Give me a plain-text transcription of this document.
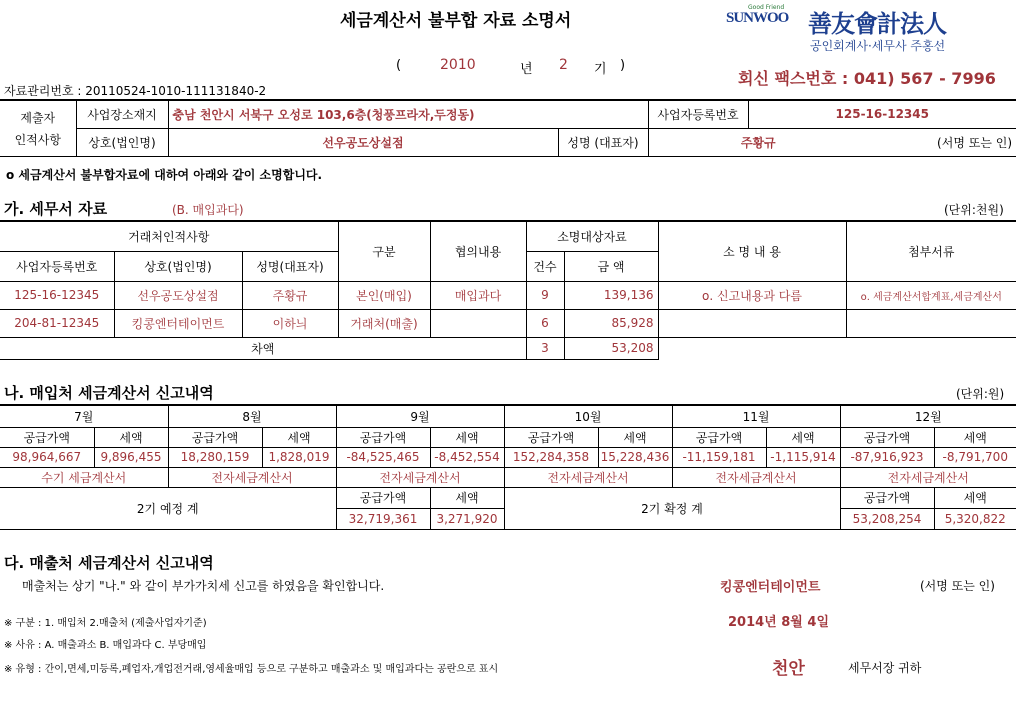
세금계산서 불부합 자료 소명서
Good Friend
SUNWOO 善友會計法人
공인회계사·세무사 주홍선
(	2010	년 2 기 )
회신 팩스번호 : 041) 567 - 7996
자료관리번호 : 20110524-1010-111131840-2
제출자
인적사항	사업장소재지	충남 천안시 서북구 오성로 103,6층(청풍프라자,두정동)		사업자등록번호	125-16-12345	
	상호(법인명)	선우공도상설점	성명 (대표자)	주황규		(서명 또는 인)
ο 세금계산서 불부합자료에 대하여 아래와 같이 소명합니다.
가. 세무서 자료	(B. 매입과다)	(단위:천원)
거래처인적사항			구분	협의내용	소명대상자료		소 명 내 용	첨부서류
사업자등록번호	상호(법인명)	성명(대표자)			건수	금 액		
125-16-12345	선우공도상설점	주황규	본인(매입)	매입과다	9	139,136	ο. 신고내용과 다름	ο. 세금계산서합계표,세금계산서
204-81-12345	킹콩엔터테이먼트	이하늬	거래처(매출)		6	85,928		
차액					3	53,208		
나. 매입처 세금계산서 신고내역	(단위:원)
7월		8월		9월		10월		11월		12월	
공급가액	세액	공급가액	세액	공급가액	세액	공급가액	세액	공급가액	세액	공급가액	세액
98,964,667	9,896,455	18,280,159	1,828,019	-84,525,465	-8,452,554	152,284,358	15,228,436	-11,159,181	-1,115,914	-87,916,923	-8,791,700
수기 세금계산서		전자세금계산서		전자세금계산서		전자세금계산서		전자세금계산서		전자세금계산서	
2기 예정 계				공급가액	세액	2기 확정 계				공급가액	세액
				32,719,361	3,271,920					53,208,254	5,320,822
다. 매출처 세금계산서 신고내역
매출처는 상기 "나." 와 같이 부가가치세 신고를 하였음을 확인합니다.	킹콩엔터테이먼트	(서명 또는 인)
※ 구분 : 1. 매입처 2.매출처 (제출사업자기준)	2014년 8월 4일
※ 사유 : A. 매출과소 B. 매입과다 C. 부당매입
※ 유형 : 간이,면세,미등록,폐업자,개업전거래,영세율매입 등으로 구분하고 매출과소 및 매입과다는 공란으로 표시	천안	세무서장 귀하
